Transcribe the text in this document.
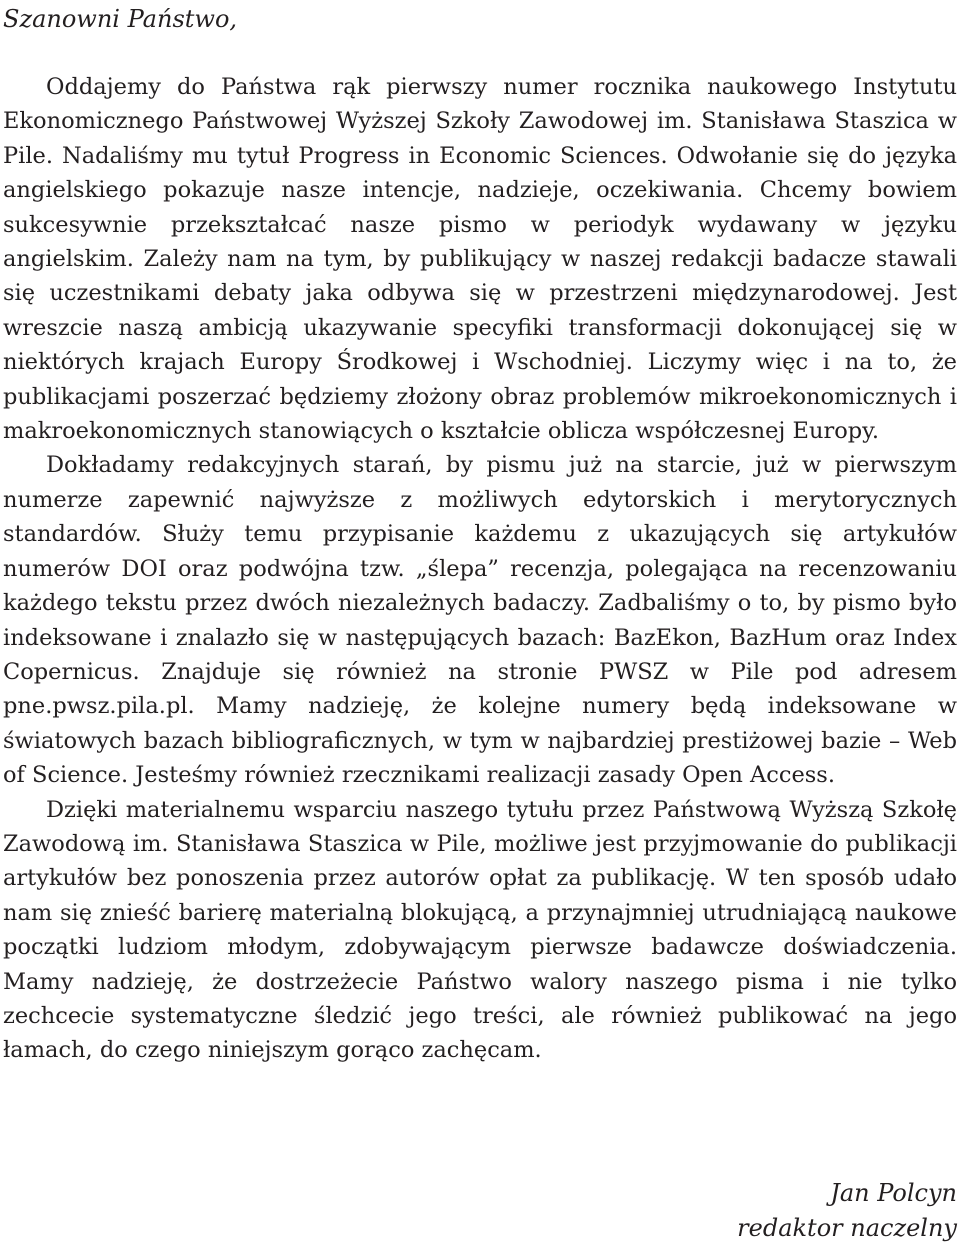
Szanowni Państwo,

Oddajemy do Państwa rąk pierwszy numer rocznika naukowego Instytutu Ekonomicznego Państwowej Wyższej Szkoły Zawodowej im. Stanisława Staszica w Pile. Nadaliśmy mu tytuł Progress in Economic Sciences. Odwołanie się do języka angielskiego pokazuje nasze intencje, nadzieje, oczekiwania. Chcemy bowiem sukcesywnie przekształcać nasze pismo w periodyk wydawany w języku angielskim. Zależy nam na tym, by publikujący w naszej redakcji badacze stawali się uczestnikami debaty jaka odbywa się w przestrzeni międzynarodowej. Jest wreszcie naszą ambicją ukazywanie specyfiki transformacji dokonującej się w niektórych krajach Europy Środkowej i Wschodniej. Liczymy więc i na to, że publikacjami poszerzać będziemy złożony obraz problemów mikroekonomicznych i makroekonomicznych stanowiących o kształcie oblicza współczesnej Europy.

Dokładamy redakcyjnych starań, by pismu już na starcie, już w pierwszym numerze zapewnić najwyższe z możliwych edytorskich i merytorycznych standardów. Służy temu przypisanie każdemu z ukazujących się artykułów numerów DOI oraz podwójna tzw. „ślepa” recenzja, polegająca na recenzowaniu każdego tekstu przez dwóch niezależnych badaczy. Zadbaliśmy o to, by pismo było indeksowane i znalazło się w następujących bazach: BazEkon, BazHum oraz Index Copernicus. Znajduje się również na stronie PWSZ w Pile pod adresem pne.pwsz.pila.pl. Mamy nadzieję, że kolejne numery będą indeksowane w światowych bazach bibliograficznych, w tym w najbardziej prestiżowej bazie – Web of Science. Jesteśmy również rzecznikami realizacji zasady Open Access.

Dzięki materialnemu wsparciu naszego tytułu przez Państwową Wyższą Szkołę Zawodową im. Stanisława Staszica w Pile, możliwe jest przyjmowanie do publikacji artykułów bez ponoszenia przez autorów opłat za publikację. W ten sposób udało nam się znieść barierę materialną blokującą, a przynajmniej utrudniającą naukowe początki ludziom młodym, zdobywającym pierwsze badawcze doświadczenia. Mamy nadzieję, że dostrzeżecie Państwo walory naszego pisma i nie tylko zechcecie systematyczne śledzić jego treści, ale również publikować na jego łamach, do czego niniejszym gorąco zachęcam.

Jan Polcyn
redaktor naczelny
